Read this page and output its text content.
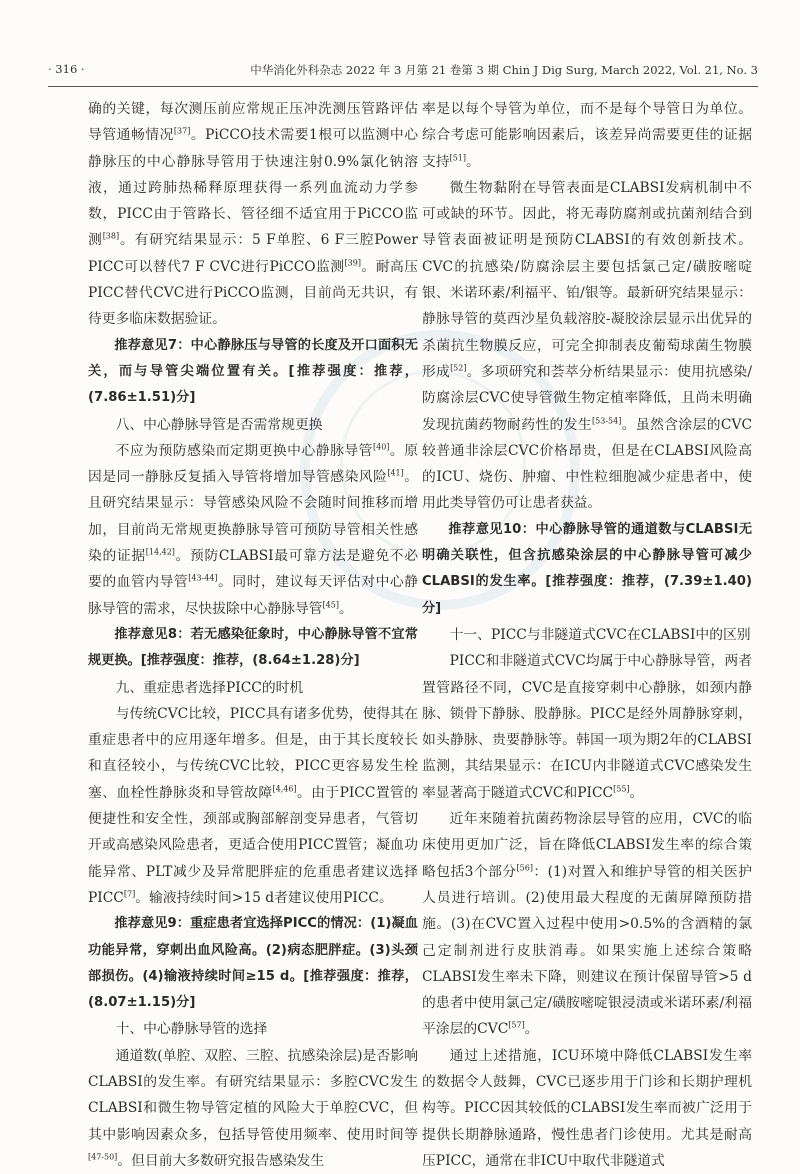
· 316 ·	中华消化外科杂志 2022 年 3 月第 21 卷第 3 期 Chin J Dig Surg, March 2022, Vol. 21, No. 3

确的关键，每次测压前应常规正压冲洗测压管路评估导管通畅情况[37]。PiCCO技术需要1根可以监测中心静脉压的中心静脉导管用于快速注射0.9%氯化钠溶液，通过跨肺热稀释原理获得一系列血流动力学参数，PICC由于管路长、管径细不适宜用于PiCCO监测[38]。有研究结果显示：5 F单腔、6 F三腔Power PICC可以替代7 F CVC进行PiCCO监测[39]。耐高压PICC替代CVC进行PiCCO监测，目前尚无共识，有待更多临床数据验证。

推荐意见7：中心静脉压与导管的长度及开口面积无关，而与导管尖端位置有关。[推荐强度：推荐，(7.86±1.51)分]

八、中心静脉导管是否需常规更换

不应为预防感染而定期更换中心静脉导管[40]。原因是同一静脉反复插入导管将增加导管感染风险[41]。且研究结果显示：导管感染风险不会随时间推移而增加，目前尚无常规更换静脉导管可预防导管相关性感染的证据[14,42]。预防CLABSI最可靠方法是避免不必要的血管内导管[43-44]。同时，建议每天评估对中心静脉导管的需求，尽快拔除中心静脉导管[45]。

推荐意见8：若无感染征象时，中心静脉导管不宜常规更换。[推荐强度：推荐，(8.64±1.28)分]

九、重症患者选择PICC的时机

与传统CVC比较，PICC具有诸多优势，使得其在重症患者中的应用逐年增多。但是，由于其长度较长和直径较小，与传统CVC比较，PICC更容易发生栓塞、血栓性静脉炎和导管故障[4,46]。由于PICC置管的便捷性和安全性，颈部或胸部解剖变异患者，气管切开或高感染风险患者，更适合使用PICC置管；凝血功能异常、PLT减少及异常肥胖症的危重患者建议选择PICC[7]。输液持续时间>15 d者建议使用PICC。

推荐意见9：重症患者宜选择PICC的情况：(1)凝血功能异常，穿刺出血风险高。(2)病态肥胖症。(3)头颈部损伤。(4)输液持续时间≥15 d。[推荐强度：推荐，(8.07±1.15)分]

十、中心静脉导管的选择

通道数(单腔、双腔、三腔、抗感染涂层)是否影响CLABSI的发生率。有研究结果显示：多腔CVC发生CLABSI和微生物导管定植的风险大于单腔CVC，但其中影响因素众多，包括导管使用频率、使用时间等[47-50]。但目前大多数研究报告感染发生

率是以每个导管为单位，而不是每个导管日为单位。综合考虑可能影响因素后，该差异尚需要更佳的证据支持[51]。

微生物黏附在导管表面是CLABSI发病机制中不可或缺的环节。因此，将无毒防腐剂或抗菌剂结合到导管表面被证明是预防CLABSI的有效创新技术。CVC的抗感染/防腐涂层主要包括氯己定/磺胺嘧啶银、米诺环素/利福平、铂/银等。最新研究结果显示：静脉导管的莫西沙星负载溶胶-凝胶涂层显示出优异的杀菌抗生物膜反应，可完全抑制表皮葡萄球菌生物膜形成[52]。多项研究和荟萃分析结果显示：使用抗感染/防腐涂层CVC使导管微生物定植率降低，且尚未明确发现抗菌药物耐药性的发生[53-54]。虽然含涂层的CVC较普通非涂层CVC价格昂贵，但是在CLABSI风险高的ICU、烧伤、肿瘤、中性粒细胞减少症患者中，使用此类导管仍可让患者获益。

推荐意见10：中心静脉导管的通道数与CLABSI无明确关联性，但含抗感染涂层的中心静脉导管可减少CLABSI的发生率。[推荐强度：推荐，(7.39±1.40)分]

十一、PICC与非隧道式CVC在CLABSI中的区别

PICC和非隧道式CVC均属于中心静脉导管，两者置管路径不同，CVC是直接穿刺中心静脉，如颈内静脉、锁骨下静脉、股静脉。PICC是经外周静脉穿刺，如头静脉、贵要静脉等。韩国一项为期2年的CLABSI监测，其结果显示：在ICU内非隧道式CVC感染发生率显著高于隧道式CVC和PICC[55]。

近年来随着抗菌药物涂层导管的应用，CVC的临床使用更加广泛，旨在降低CLABSI发生率的综合策略包括3个部分[56]：(1)对置入和维护导管的相关医护人员进行培训。(2)使用最大程度的无菌屏障预防措施。(3)在CVC置入过程中使用>0.5%的含酒精的氯己定制剂进行皮肤消毒。如果实施上述综合策略CLABSI发生率未下降，则建议在预计保留导管>5 d的患者中使用氯己定/磺胺嘧啶银浸渍或米诺环素/利福平涂层的CVC[57]。

通过上述措施，ICU环境中降低CLABSI发生率的数据令人鼓舞，CVC已逐步用于门诊和长期护理机构等。PICC因其较低的CLABSI发生率而被广泛用于提供长期静脉通路，慢性患者门诊使用。尤其是耐高压PICC，通常在非ICU中取代非隧道式
